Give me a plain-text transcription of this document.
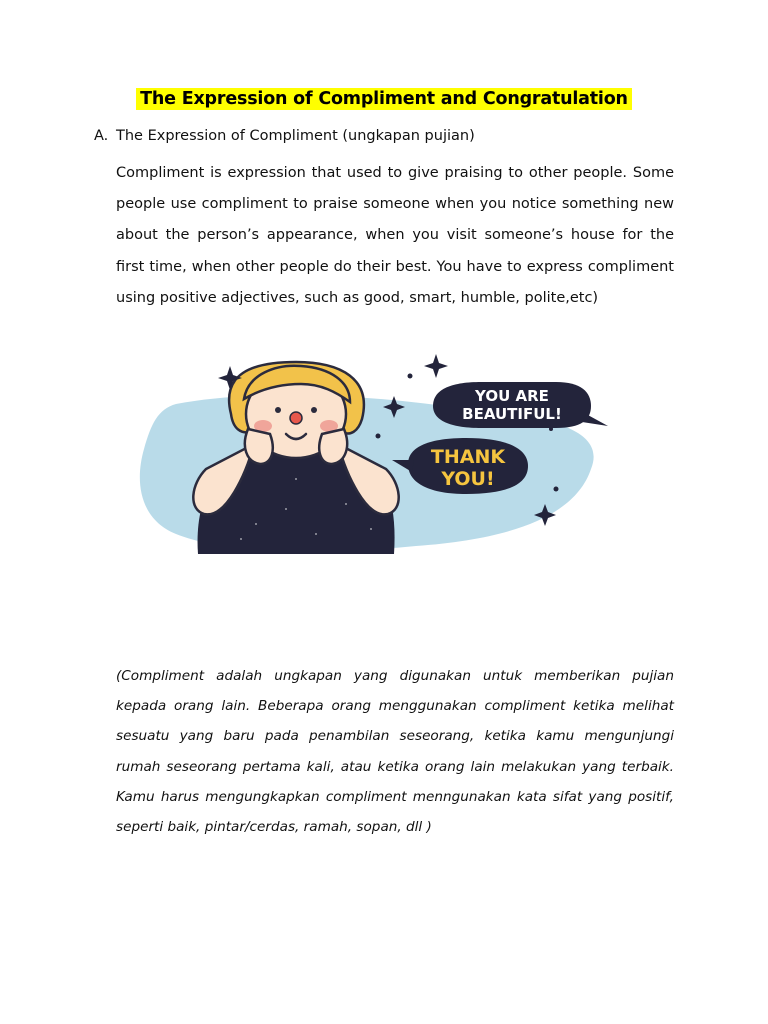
The Expression of Compliment and Congratulation
A. The Expression of Compliment (ungkapan pujian)

Compliment is expression that used to give praising to other people. Some people use compliment to praise someone when you notice something new about the person’s appearance, when you visit someone’s house for the first time, when other people do their best. You have to express compliment using positive adjectives, such as good, smart, humble, polite,etc)

YOU ARE
BEAUTIFUL!
THANK
YOU!

(Compliment adalah ungkapan yang digunakan untuk memberikan pujian kepada orang lain. Beberapa orang menggunakan compliment ketika melihat sesuatu yang baru pada penambilan seseorang, ketika kamu mengunjungi rumah seseorang pertama kali, atau ketika orang lain melakukan yang terbaik. Kamu harus mengungkapkan compliment menngunakan kata sifat yang positif, seperti baik, pintar/cerdas, ramah, sopan, dll )
